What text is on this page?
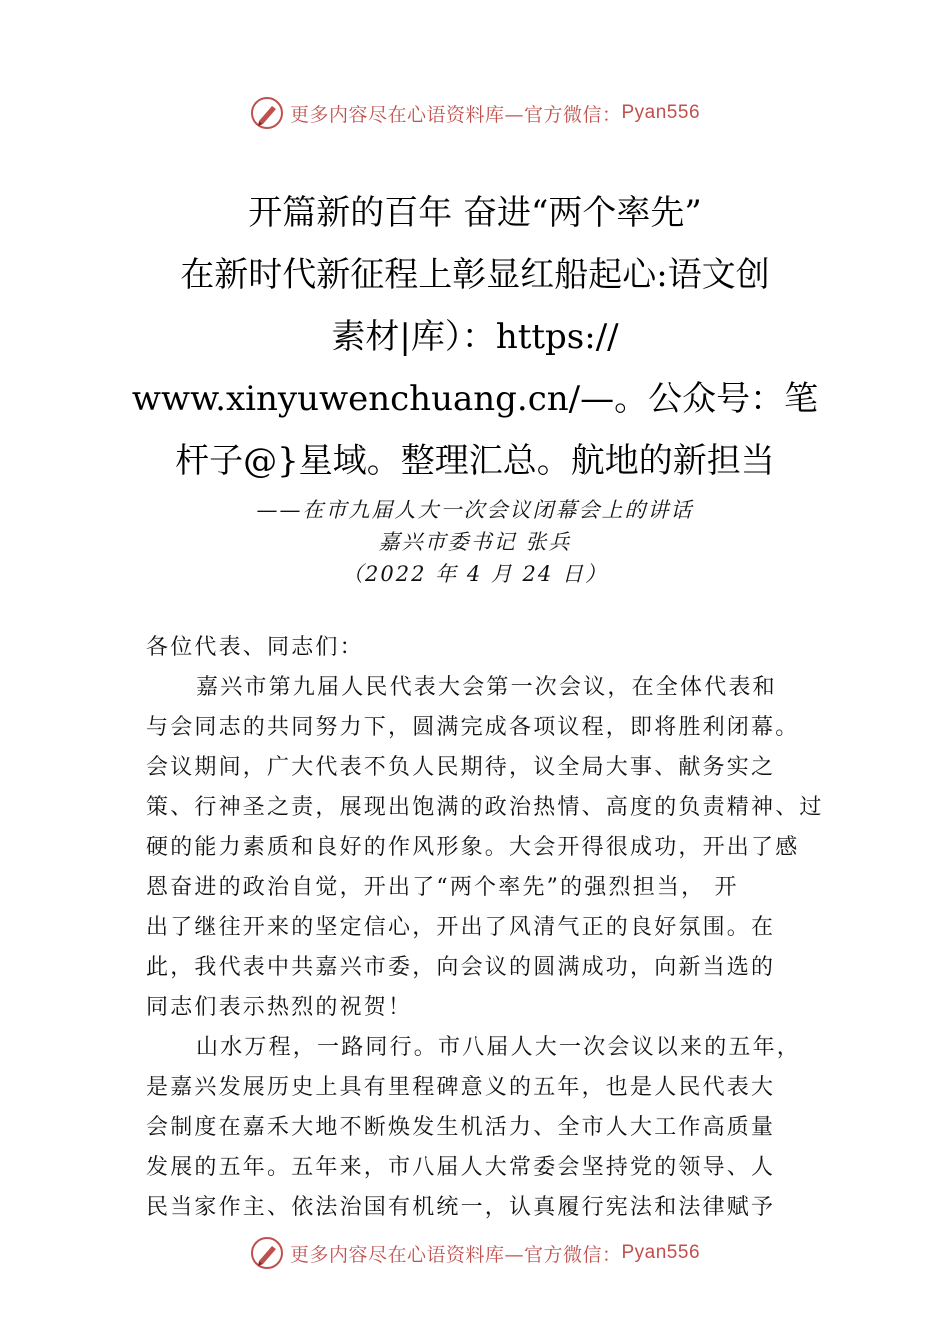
更多内容尽在心语资料库—官方微信： Pyan556
开篇新的百年 奋进“两个率先”
在新时代新征程上彰显红船起心:语文创
素材|库）：https://
www.xinyuwenchuang.cn/—。公众号：笔
杆子@}星域。整理汇总。航地的新担当
——在市九届人大一次会议闭幕会上的讲话
嘉兴市委书记 张兵
（2022 年 4 月 24 日）
各位代表、同志们：
嘉兴市第九届人民代表大会第一次会议，在全体代表和
与会同志的共同努力下，圆满完成各项议程，即将胜利闭幕。
会议期间，广大代表不负人民期待，议全局大事、献务实之
策、行神圣之责，展现出饱满的政治热情、高度的负责精神、过
硬的能力素质和良好的作风形象。大会开得很成功，开出了感
恩奋进的政治自觉，开出了“两个率先”的强烈担当， 开
出了继往开来的坚定信心，开出了风清气正的良好氛围。在
此，我代表中共嘉兴市委，向会议的圆满成功，向新当选的
同志们表示热烈的祝贺！
山水万程，一路同行。市八届人大一次会议以来的五年，
是嘉兴发展历史上具有里程碑意义的五年，也是人民代表大
会制度在嘉禾大地不断焕发生机活力、全市人大工作高质量
发展的五年。五年来，市八届人大常委会坚持党的领导、人
民当家作主、依法治国有机统一，认真履行宪法和法律赋予
更多内容尽在心语资料库—官方微信： Pyan556
